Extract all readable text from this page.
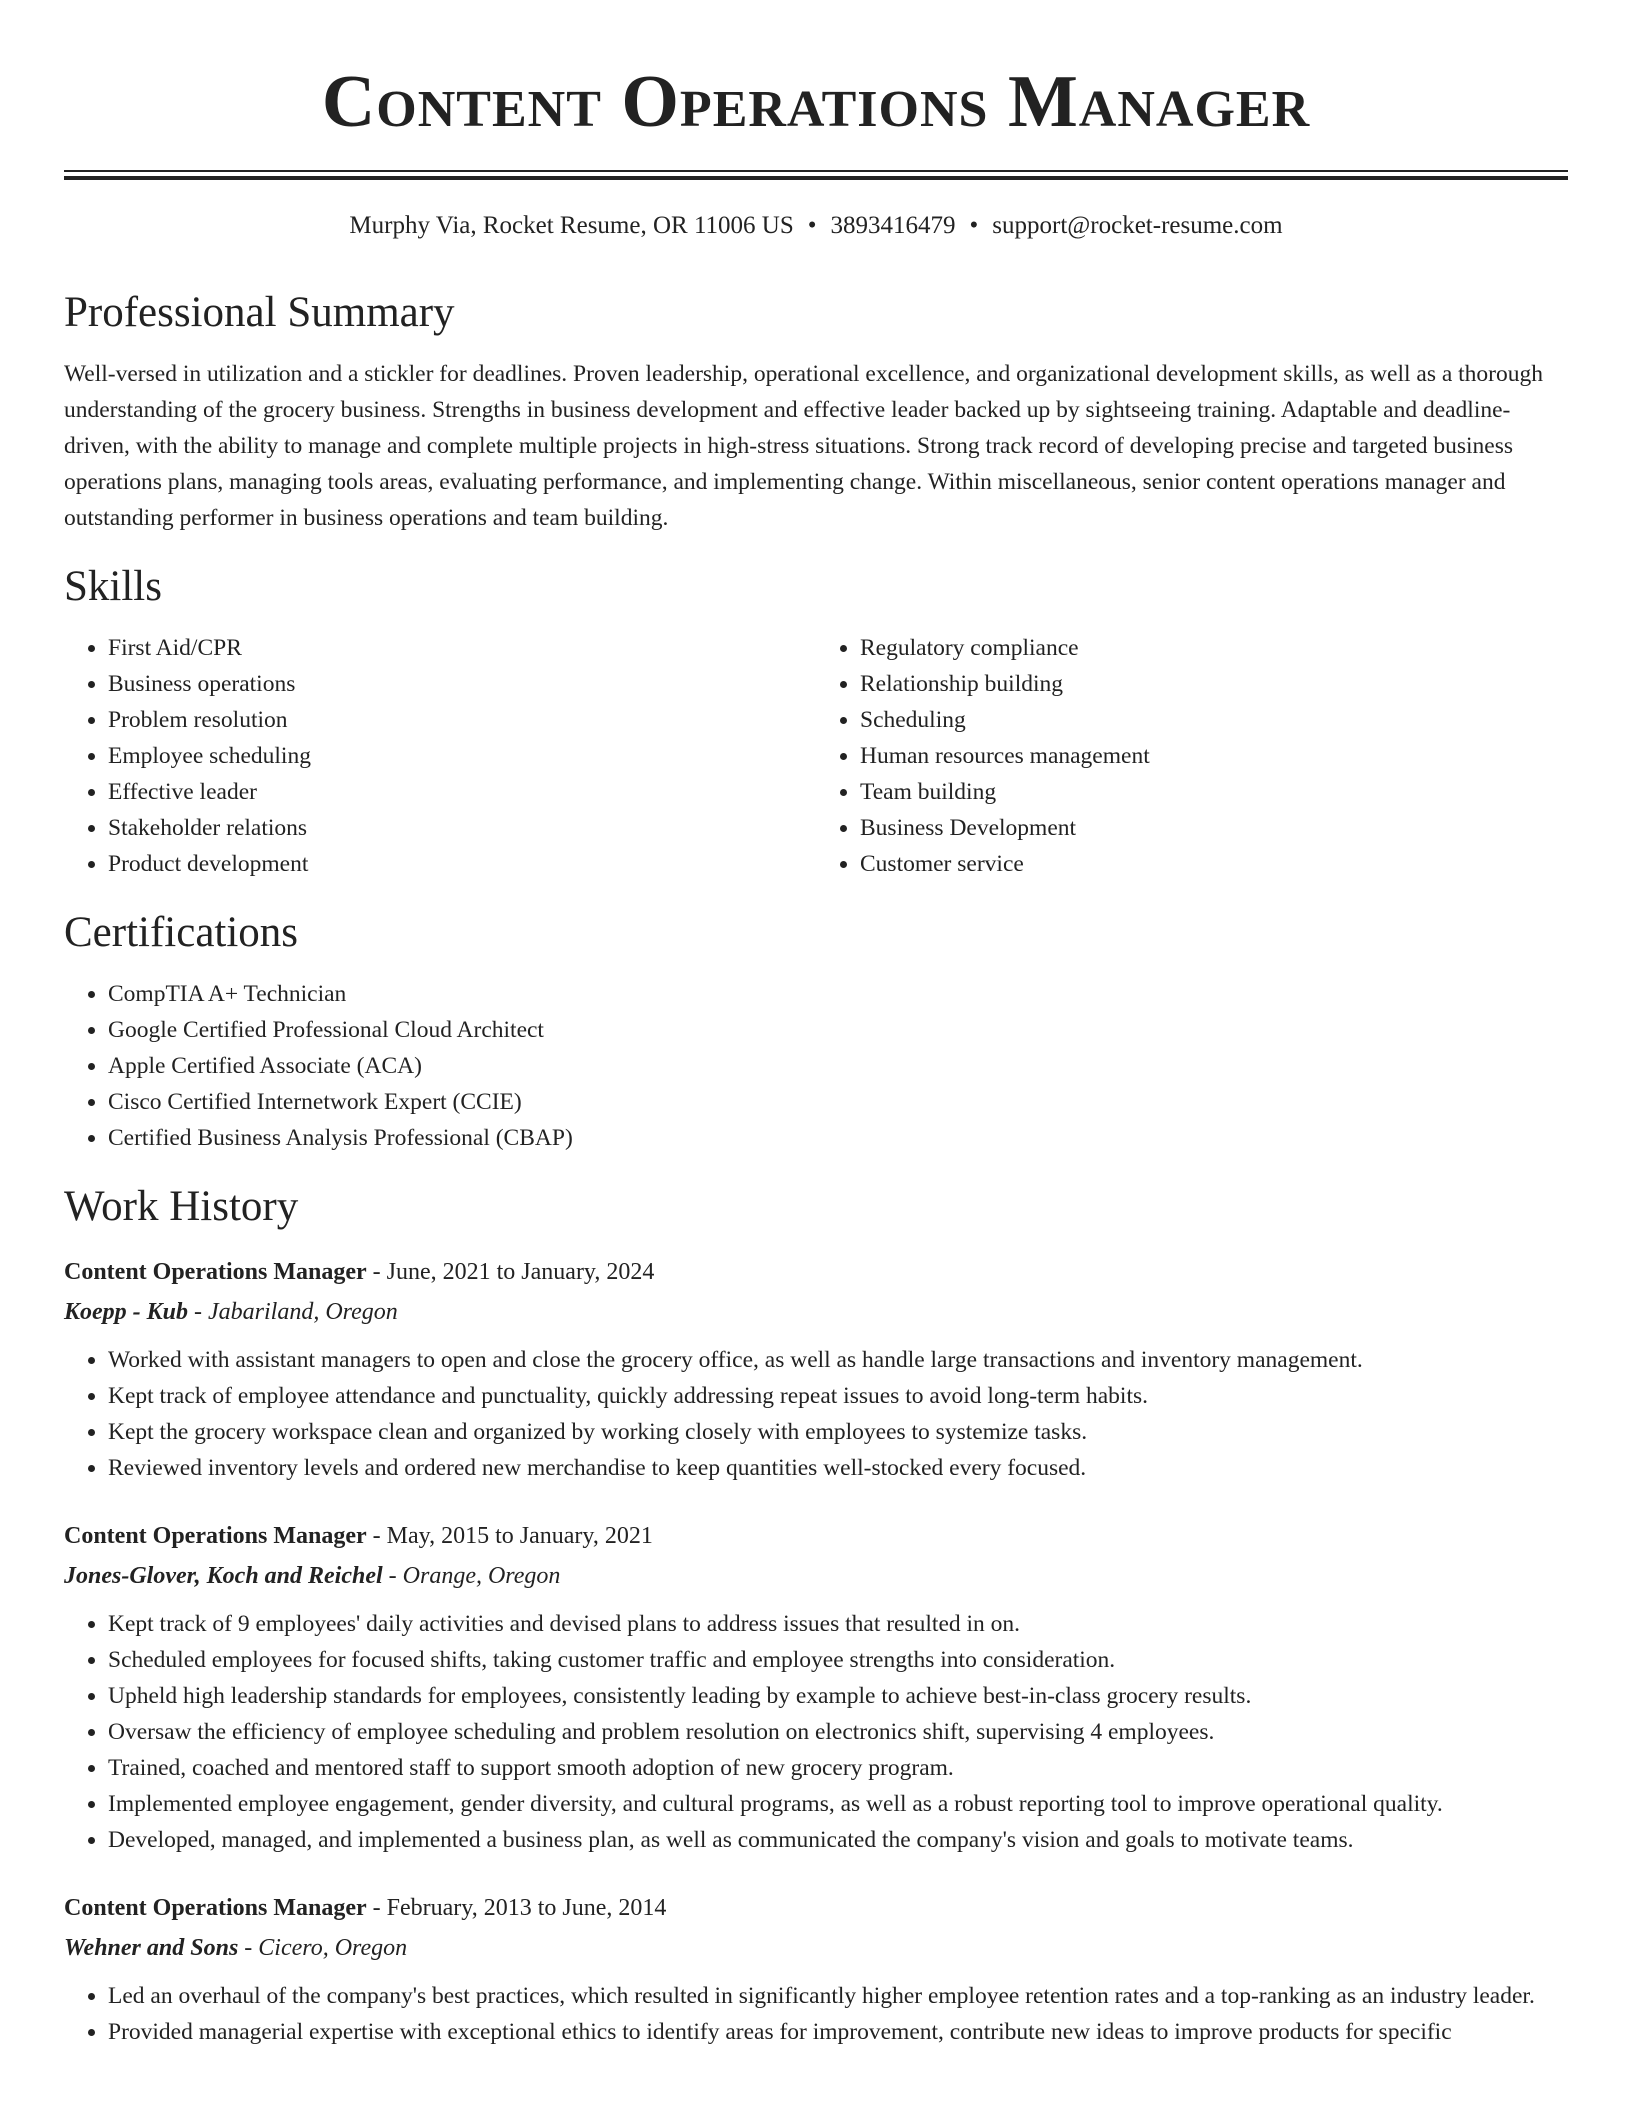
Content Operations Manager
Murphy Via, Rocket Resume, OR 11006 US • 3893416479 • support@rocket-resume.com
Professional Summary

Well-versed in utilization and a stickler for deadlines. Proven leadership, operational excellence, and organizational development skills, as well as a thorough understanding of the grocery business. Strengths in business development and effective leader backed up by sightseeing training. Adaptable and deadline-driven, with the ability to manage and complete multiple projects in high-stress situations. Strong track record of developing precise and targeted business operations plans, managing tools areas, evaluating performance, and implementing change. Within miscellaneous, senior content operations manager and outstanding performer in business operations and team building.

Skills
• First Aid/CPR
• Business operations
• Problem resolution
• Employee scheduling
• Effective leader
• Stakeholder relations
• Product development
• Regulatory compliance
• Relationship building
• Scheduling
• Human resources management
• Team building
• Business Development
• Customer service
Certifications
• CompTIA A+ Technician
• Google Certified Professional Cloud Architect
• Apple Certified Associate (ACA)
• Cisco Certified Internetwork Expert (CCIE)
• Certified Business Analysis Professional (CBAP)
Work History
Content Operations Manager - June, 2021 to January, 2024
Koepp - Kub - Jabariland, Oregon
• Worked with assistant managers to open and close the grocery office, as well as handle large transactions and inventory management.
• Kept track of employee attendance and punctuality, quickly addressing repeat issues to avoid long-term habits.
• Kept the grocery workspace clean and organized by working closely with employees to systemize tasks.
• Reviewed inventory levels and ordered new merchandise to keep quantities well-stocked every focused.
Content Operations Manager - May, 2015 to January, 2021
Jones-Glover, Koch and Reichel - Orange, Oregon
• Kept track of 9 employees' daily activities and devised plans to address issues that resulted in on.
• Scheduled employees for focused shifts, taking customer traffic and employee strengths into consideration.
• Upheld high leadership standards for employees, consistently leading by example to achieve best-in-class grocery results.
• Oversaw the efficiency of employee scheduling and problem resolution on electronics shift, supervising 4 employees.
• Trained, coached and mentored staff to support smooth adoption of new grocery program.
• Implemented employee engagement, gender diversity, and cultural programs, as well as a robust reporting tool to improve operational quality.
• Developed, managed, and implemented a business plan, as well as communicated the company's vision and goals to motivate teams.
Content Operations Manager - February, 2013 to June, 2014
Wehner and Sons - Cicero, Oregon
• Led an overhaul of the company's best practices, which resulted in significantly higher employee retention rates and a top-ranking as an industry leader.
• Provided managerial expertise with exceptional ethics to identify areas for improvement, contribute new ideas to improve products for specific
